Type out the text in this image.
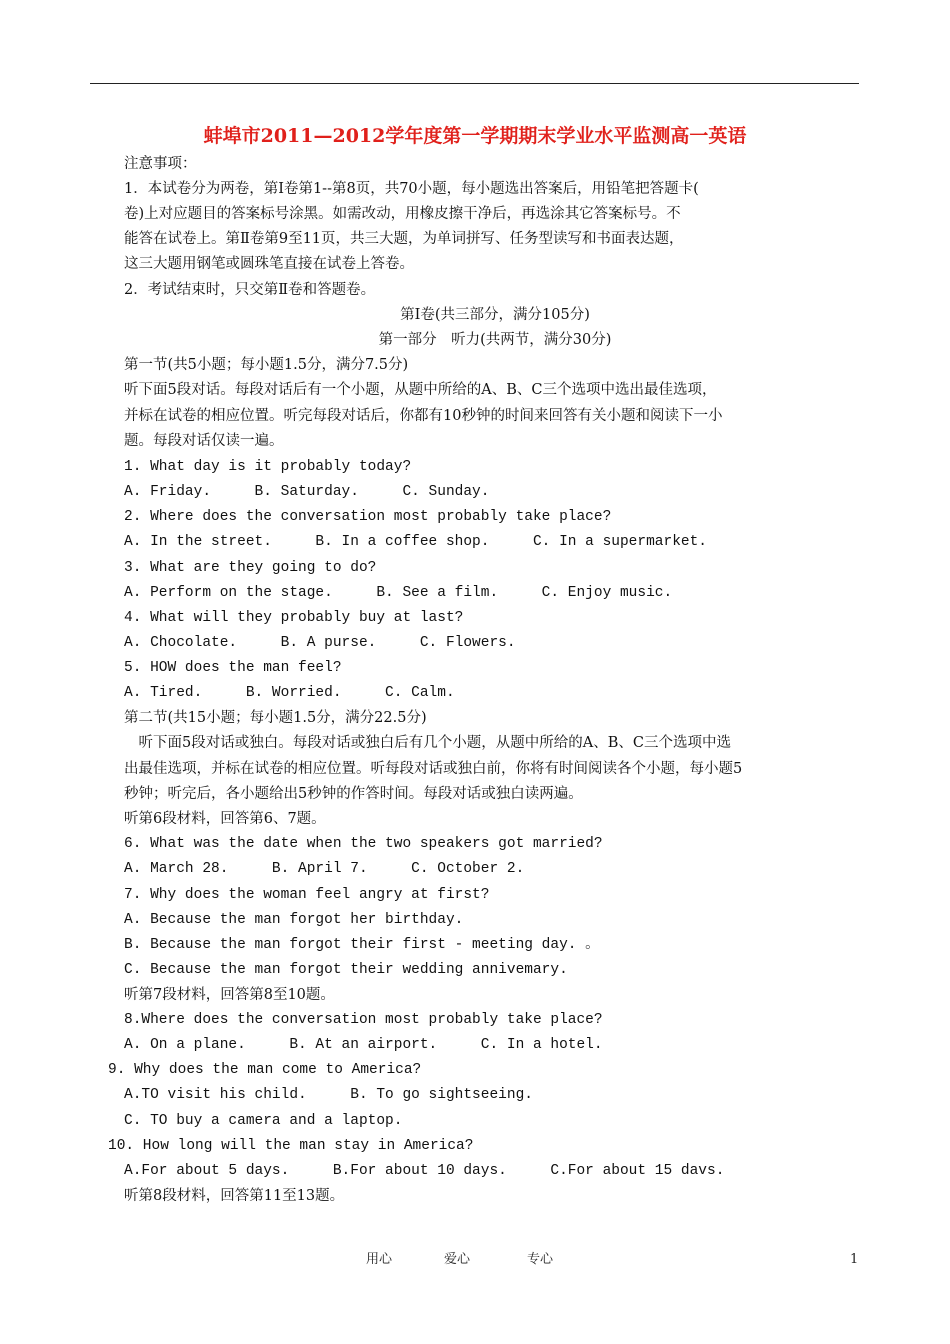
蚌埠市2011—2012学年度第一学期期末学业水平监测高一英语
注意事项：
1．本试卷分为两卷，第Ⅰ卷第1--第8页，共70小题，每小题选出答案后，用铅笔把答题卡(
卷)上对应题目的答案标号涂黑。如需改动，用橡皮擦干净后，再选涂其它答案标号。不
能答在试卷上。第Ⅱ卷第9至11页，共三大题，为单词拼写、任务型读写和书面表达题，
这三大题用钢笔或圆珠笔直接在试卷上答卷。
2．考试结束时，只交第Ⅱ卷和答题卷。
第Ⅰ卷(共三部分，满分105分)
第一部分　听力(共两节，满分30分)
第一节(共5小题；每小题1.5分，满分7.5分)
听下面5段对话。每段对话后有一个小题，从题中所给的A、B、C三个选项中选出最佳选项，
并标在试卷的相应位置。听完每段对话后，你都有10秒钟的时间来回答有关小题和阅读下一小
题。每段对话仅读一遍。
1. What day is it probably today?
A. Friday.     B. Saturday.     C. Sunday.
2. Where does the conversation most probably take place?
A. In the street.     B. In a coffee shop.     C. In a supermarket.
3. What are they going to do?
A. Perform on the stage.     B. See a film.     C. Enjoy music.
4. What will they probably buy at last?
A. Chocolate.     B. A purse.     C. Flowers.
5. HOW does the man feel?
A. Tired.     B. Worried.     C. Calm.
第二节(共15小题；每小题1.5分，满分22.5分)
　听下面5段对话或独白。每段对话或独白后有几个小题，从题中所给的A、B、C三个选项中选
出最佳选项，并标在试卷的相应位置。听每段对话或独白前，你将有时间阅读各个小题，每小题5
秒钟；听完后，各小题给出5秒钟的作答时间。每段对话或独白读两遍。
听第6段材料，回答第6、7题。
6. What was the date when the two speakers got married?
A. March 28.     B. April 7.     C. October 2.
7. Why does the woman feel angry at first?
A. Because the man forgot her birthday.
B. Because the man forgot their first - meeting day. 。
C. Because the man forgot their wedding annivemary.
听第7段材料，回答第8至10题。
8.Where does the conversation most probably take place?
A. On a plane.     B. At an airport.     C. In a hotel.
9. Why does the man come to America?
A.TO visit his child.     B. To go sightseeing.
C. TO buy a camera and a laptop.
10. How long will the man stay in America?
A.For about 5 days.     B.For about 10 days.     C.For about 15 davs.
听第8段材料，回答第11至13题。
用心	爱心	专心	1
